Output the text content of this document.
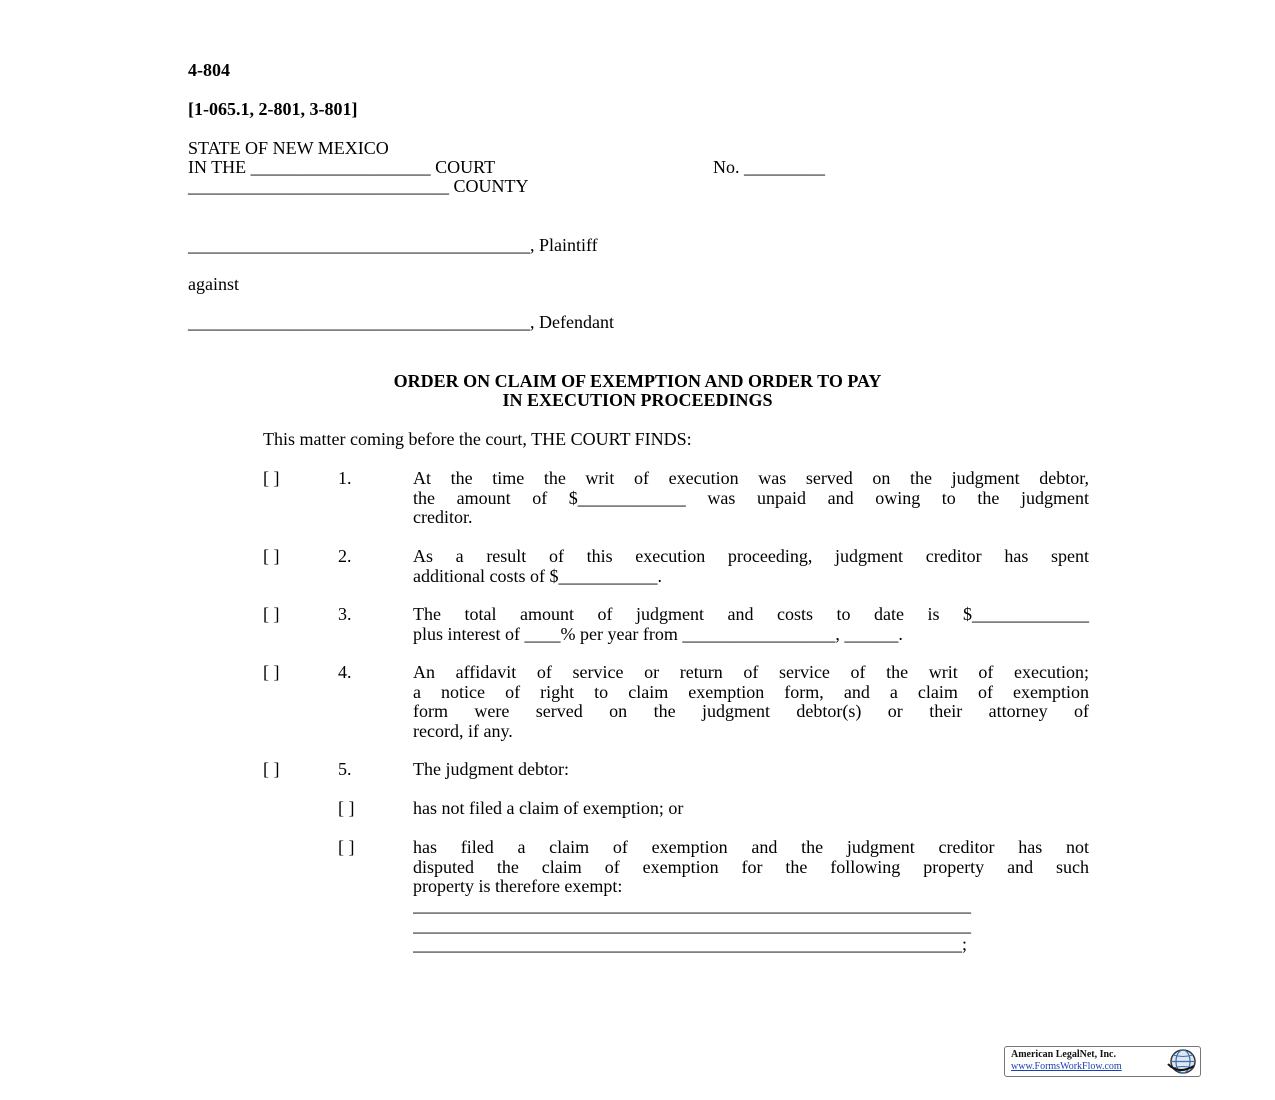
4-804
[1-065.1, 2-801, 3-801]
STATE OF NEW MEXICO
IN THE ____________________ COURT	No. _________
_____________________________ COUNTY
______________________________________, Plaintiff
against
______________________________________, Defendant
ORDER ON CLAIM OF EXEMPTION AND ORDER TO PAY
IN EXECUTION PROCEEDINGS
This matter coming before the court, THE COURT FINDS:
[ ]	1.	At the time the writ of execution was served on the judgment debtor,
the amount of $____________ was unpaid and owing to the judgment
creditor.
[ ]	2.	As a result of this execution proceeding, judgment creditor has spent
additional costs of $___________.
[ ]	3.	The total amount of judgment and costs to date is $_____________
plus interest of ____% per year from _________________, ______.
[ ]	4.	An affidavit of service or return of service of the writ of execution;
a notice of right to claim exemption form, and a claim of exemption
form were served on the judgment debtor(s) or their attorney of
record, if any.
[ ]	5.	The judgment debtor:
[ ]	has not filed a claim of exemption; or
[ ]	has filed a claim of exemption and the judgment creditor has not
disputed the claim of exemption for the following property and such
property is therefore exempt:
______________________________________________________________
______________________________________________________________
_____________________________________________________________;
American LegalNet, Inc.
www.FormsWorkFlow.com
